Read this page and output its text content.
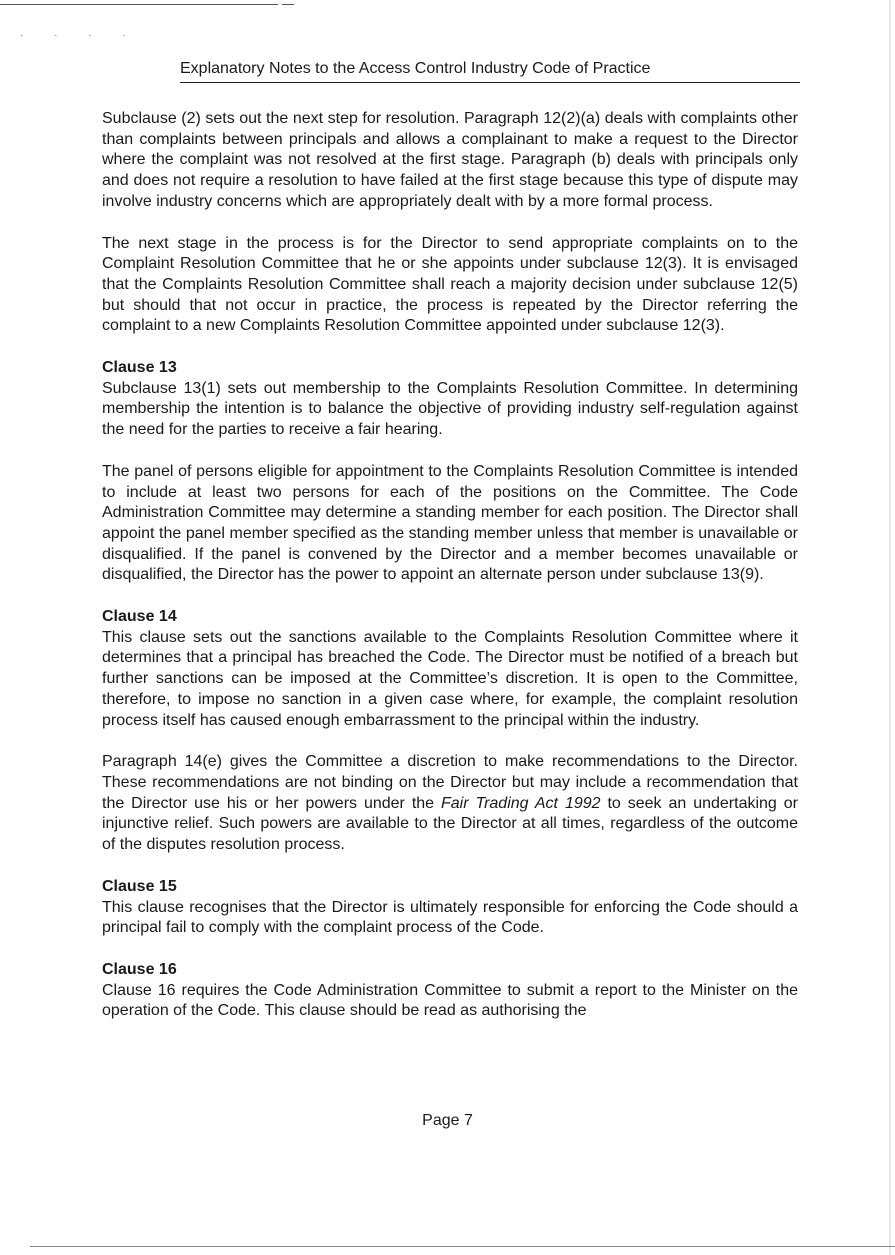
· · · ·
Explanatory Notes to the Access Control Industry Code of Practice

Subclause (2) sets out the next step for resolution. Paragraph 12(2)(a) deals with complaints other than complaints between principals and allows a complainant to make a request to the Director where the complaint was not resolved at the first stage. Paragraph (b) deals with principals only and does not require a resolution to have failed at the first stage because this type of dispute may involve industry concerns which are appropriately dealt with by a more formal process.

The next stage in the process is for the Director to send appropriate complaints on to the Complaint Resolution Committee that he or she appoints under subclause 12(3). It is envisaged that the Complaints Resolution Committee shall reach a majority decision under subclause 12(5) but should that not occur in practice, the process is repeated by the Director referring the complaint to a new Complaints Resolution Committee appointed under subclause 12(3).

Clause 13

Subclause 13(1) sets out membership to the Complaints Resolution Committee. In determining membership the intention is to balance the objective of providing industry self-regulation against the need for the parties to receive a fair hearing.

The panel of persons eligible for appointment to the Complaints Resolution Committee is intended to include at least two persons for each of the positions on the Committee. The Code Administration Committee may determine a standing member for each position. The Director shall appoint the panel member specified as the standing member unless that member is unavailable or disqualified. If the panel is convened by the Director and a member becomes unavailable or disqualified, the Director has the power to appoint an alternate person under subclause 13(9).

Clause 14

This clause sets out the sanctions available to the Complaints Resolution Committee where it determines that a principal has breached the Code. The Director must be notified of a breach but further sanctions can be imposed at the Committee’s discretion. It is open to the Committee, therefore, to impose no sanction in a given case where, for example, the complaint resolution process itself has caused enough embarrassment to the principal within the industry.

Paragraph 14(e) gives the Committee a discretion to make recommendations to the Director. These recommendations are not binding on the Director but may include a recommendation that the Director use his or her powers under the Fair Trading Act 1992 to seek an undertaking or injunctive relief. Such powers are available to the Director at all times, regardless of the outcome of the disputes resolution process.

Clause 15

This clause recognises that the Director is ultimately responsible for enforcing the Code should a principal fail to comply with the complaint process of the Code.

Clause 16

Clause 16 requires the Code Administration Committee to submit a report to the Minister on the operation of the Code. This clause should be read as authorising the

Page 7
